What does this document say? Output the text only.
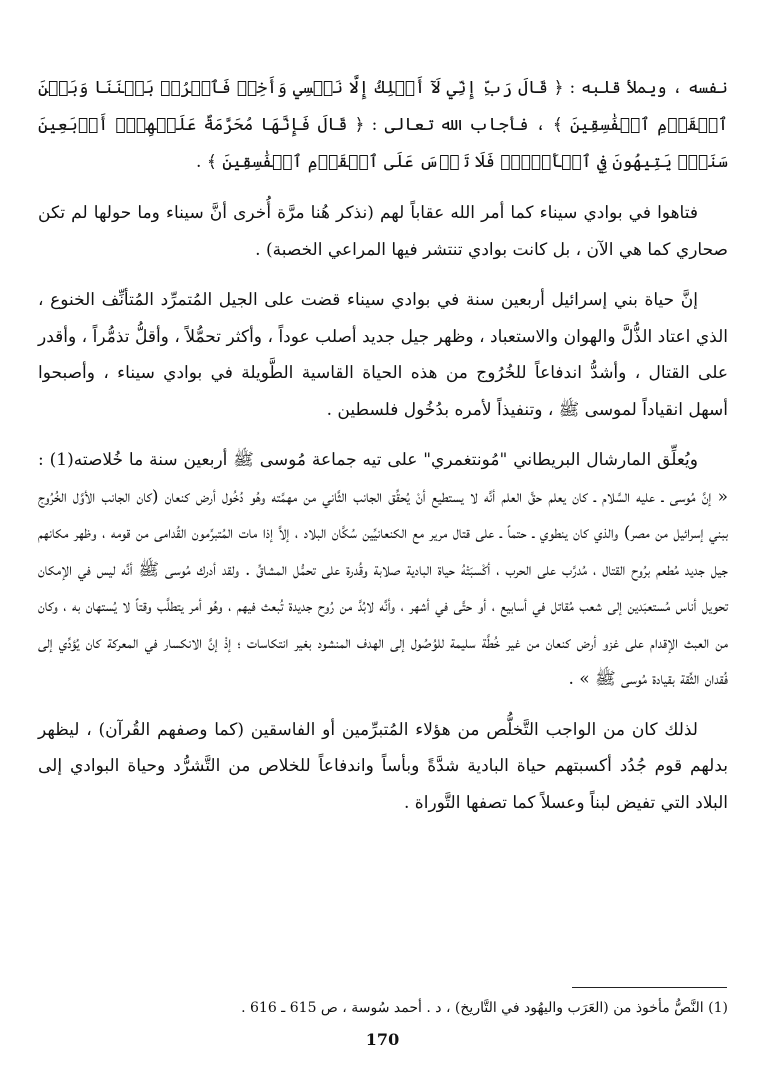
نفسه ، ويملأ قلبه : ﴿ قَالَ رَبِّ إِنِّي لَآ أَمۡلِكُ إِلَّا نَفۡسِي وَأَخِيۖ فَٱفۡرُقۡ بَيۡنَنَا وَبَيۡنَ ٱلۡقَوۡمِ ٱلۡفَٰسِقِينَ ﴾ ، فأجاب الله تعالى : ﴿ قَالَ فَإِنَّهَا مُحَرَّمَةٌ عَلَيۡهِمۡۛ أَرۡبَعِينَ سَنَةٗۛ يَتِيهُونَ فِي ٱلۡأَرۡضِۚ فَلَا تَأۡسَ عَلَى ٱلۡقَوۡمِ ٱلۡفَٰسِقِينَ ﴾ .

فتاهوا في بوادي سيناء كما أمر الله عقاباً لهم (نذكر هُنا مرَّة أُخرى أنَّ سيناء وما حولها لم تكن صحاري كما هي الآن ، بل كانت بوادي تنتشر فيها المراعي الخصبة) .

إنَّ حياة بني إسرائيل أربعين سنة في بوادي سيناء قضت على الجيل المُتمرِّد المُتأنِّف الخنوع ، الذي اعتاد الذُّلَّ والهوان والاستعباد ، وظهر جيل جديد أصلب عوداً ، وأكثر تحمُّلاً ، وأقلُّ تذمُّراً ، وأقدر على القتال ، وأشدُّ اندفاعاً للخُرُوج من هذه الحياة القاسية الطَّويلة في بوادي سيناء ، وأصبحوا أسهل انقياداً لموسى ﷺ ، وتنفيذاً لأمره بدُخُول فلسطين .

ويُعلِّق المارشال البريطاني "مُونتغمري" على تيه جماعة مُوسى ﷺ أربعين سنة ما خُلاصته(1) : « إنَّ مُوسى ـ عليه السَّلام ـ كان يعلم حقَّ العلم أنَّه لا يستطيع أنْ يُحقِّق الجانب الثَّاني من مهمَّته وهُو دُخُول أرض كنعان (كان الجانب الأوَّل الخُرُوج ببني إسرائيل من مصر) والذي كان ينطوي ـ حتماً ـ على قتال مرير مع الكنعانيِّين سُكَّان البلاد ، إلاَّ إذا مات المُتبرِّمون القُدامى من قومه ، وظهر مكانهم جيل جديد مُطعم برُوح القتال ، مُدرَّب على الحرب ، أكْسبَتْهُ حياة البادية صلابة وقُدرة على تحمُّل المشاقِّ . ولقد أدرك مُوسى ﷺ أنَّه ليس في الإمكان تحويل أناس مُستعبَدين إلى شعب مُقاتل في أسابيع ، أو حتَّى في أشهر ، وأنَّه لابُدَّ من رُوح جديدة تُبعث فيهم ، وهُو أمر يتطلَّب وقتاً لا يُستهان به ، وكان من العبث الإقدام على غزو أرض كنعان من غير خُطَّة سليمة للوُصُول إلى الهدف المنشود بغير انتكاسات ؛ إذْ إنَّ الانكسار في المعركة كان يُؤدِّي إلى فُقدان الثِّقة بقيادة مُوسى ﷺ » .

لذلك كان من الواجب التَّخلُّص من هؤلاء المُتبرِّمين أو الفاسقين (كما وصفهم القُرآن) ، ليظهر بدلهم قوم جُدُد أكسبتهم حياة البادية شدَّةً وبأساً واندفاعاً للخلاص من التَّشرُّد وحياة البوادي إلى البلاد التي تفيض لبناً وعسلاً كما تصفها التَّوراة .

(1) النَّصُّ مأخوذ من (العَرَب واليهُود في التَّاريخ) ، د . أحمد سُوسة ، ص 615 ـ 616 .
170
